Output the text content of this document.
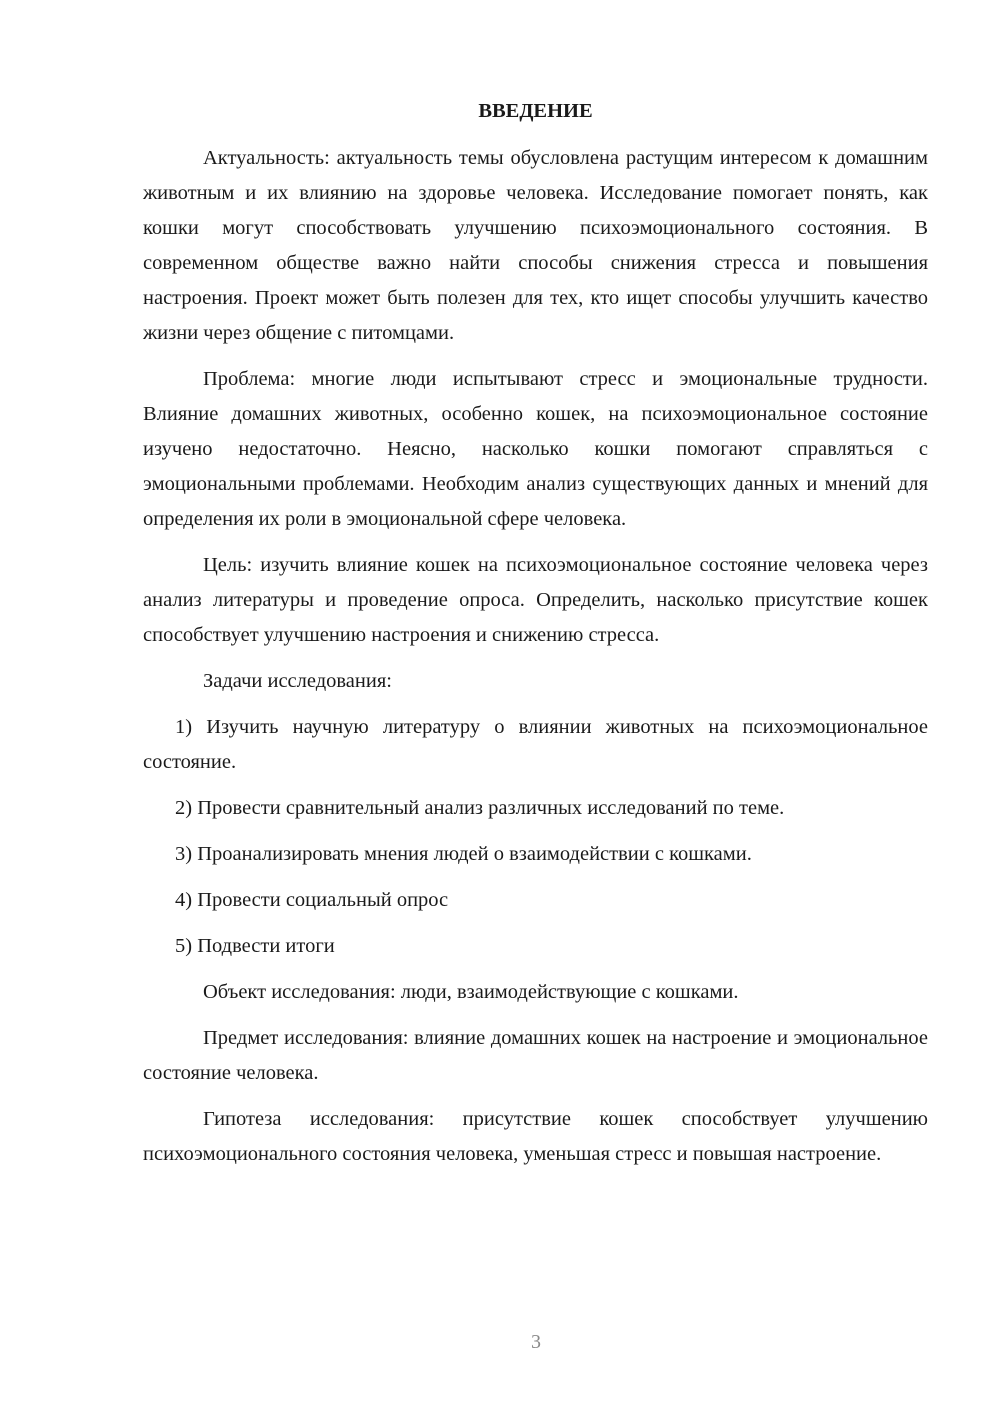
ВВЕДЕНИЕ

Актуальность: актуальность темы обусловлена растущим интересом к домашним животным и их влиянию на здоровье человека. Исследование помогает понять, как кошки могут способствовать улучшению психоэмоционального состояния. В современном обществе важно найти способы снижения стресса и повышения настроения. Проект может быть полезен для тех, кто ищет способы улучшить качество жизни через общение с питомцами.

Проблема: многие люди испытывают стресс и эмоциональные трудности. Влияние домашних животных, особенно кошек, на психоэмоциональное состояние изучено недостаточно. Неясно, насколько кошки помогают справляться с эмоциональными проблемами. Необходим анализ существующих данных и мнений для определения их роли в эмоциональной сфере человека.

Цель: изучить влияние кошек на психоэмоциональное состояние человека через анализ литературы и проведение опроса. Определить, насколько присутствие кошек способствует улучшению настроения и снижению стресса.

Задачи исследования:

1) Изучить научную литературу о влиянии животных на психоэмоциональное состояние.

2) Провести сравнительный анализ различных исследований по теме.

3) Проанализировать мнения людей о взаимодействии с кошками.

4) Провести социальный опрос

5) Подвести итоги

Объект исследования: люди, взаимодействующие с кошками.

Предмет исследования: влияние домашних кошек на настроение и эмоциональное состояние человека.

Гипотеза исследования: присутствие кошек способствует улучшению психоэмоционального состояния человека, уменьшая стресс и повышая настроение.

3
